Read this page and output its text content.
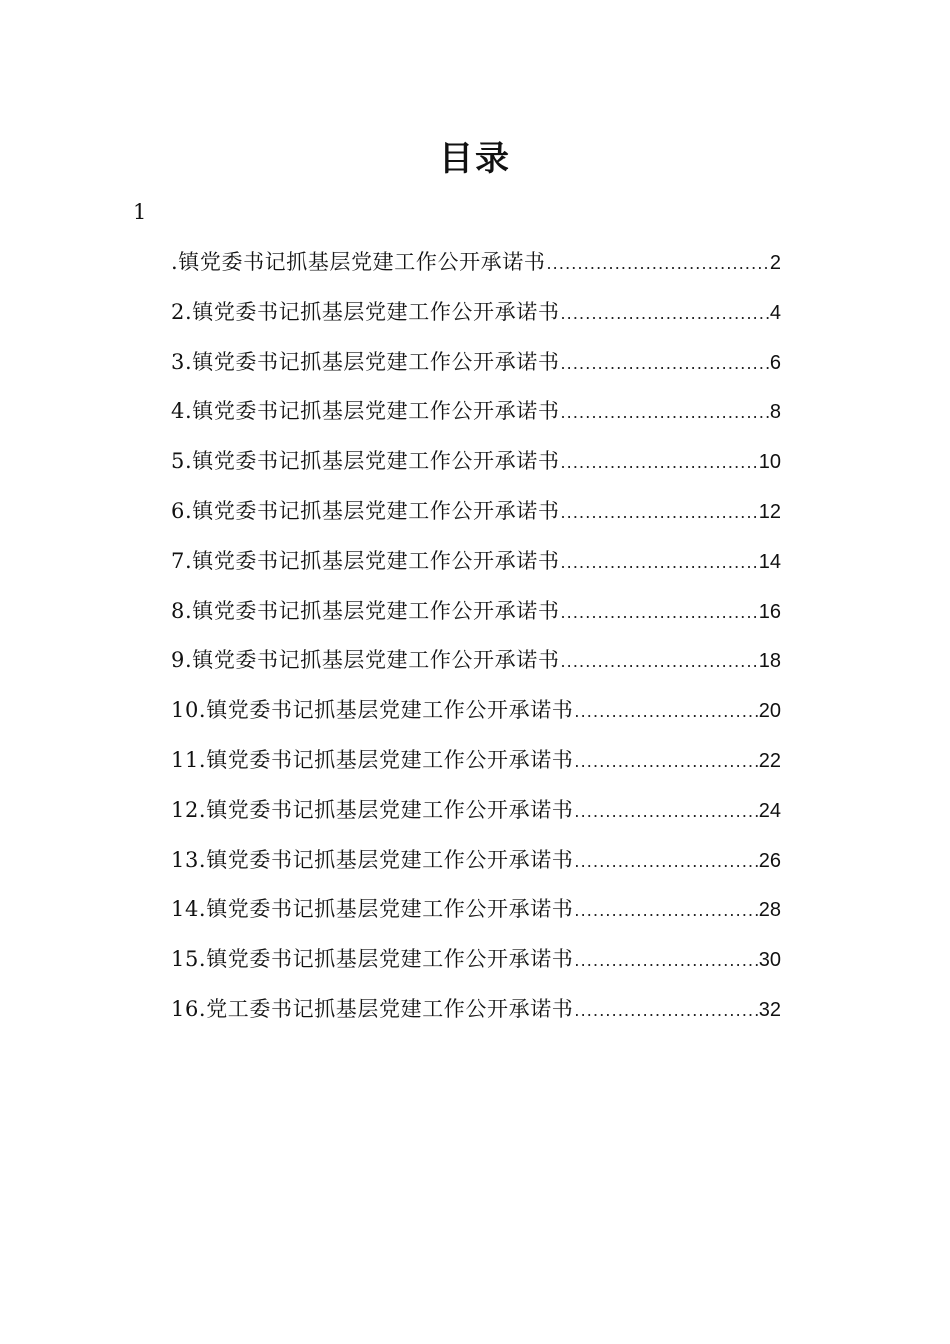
目录
1
.镇党委书记抓基层党建工作公开承诺书 .....	2
2.镇党委书记抓基层党建工作公开承诺书 .....	4
3.镇党委书记抓基层党建工作公开承诺书 .....	6
4.镇党委书记抓基层党建工作公开承诺书 .....	8
5.镇党委书记抓基层党建工作公开承诺书 .....	10
6.镇党委书记抓基层党建工作公开承诺书 .....	12
7.镇党委书记抓基层党建工作公开承诺书 .....	14
8.镇党委书记抓基层党建工作公开承诺书 .....	16
9.镇党委书记抓基层党建工作公开承诺书 .....	18
10.镇党委书记抓基层党建工作公开承诺书 .....	20
11.镇党委书记抓基层党建工作公开承诺书 .....	22
12.镇党委书记抓基层党建工作公开承诺书 .....	24
13.镇党委书记抓基层党建工作公开承诺书 .....	26
14.镇党委书记抓基层党建工作公开承诺书 .....	28
15.镇党委书记抓基层党建工作公开承诺书 .....	30
16.党工委书记抓基层党建工作公开承诺书 .....	32
